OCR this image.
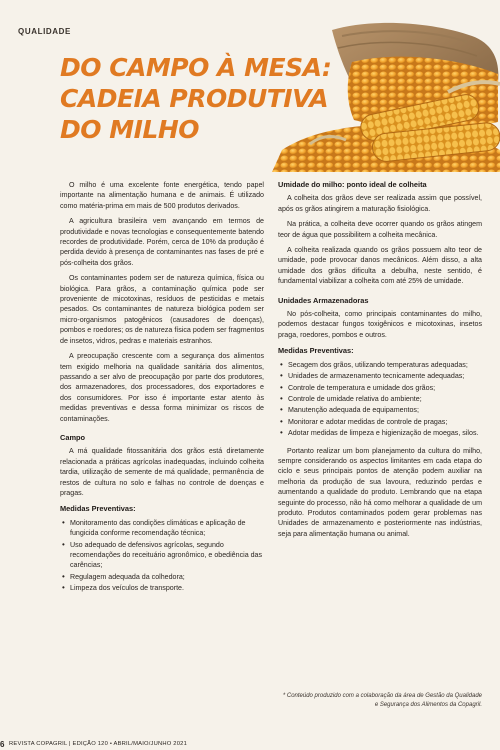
QUALIDADE
DO CAMPO À MESA:
CADEIA PRODUTIVA
DO MILHO

O milho é uma excelente fonte energética, tendo papel importante na alimentação humana e de animais. É utilizado como matéria-prima em mais de 500 produtos derivados.

A agricultura brasileira vem avançando em termos de produtividade e novas tecnologias e consequentemente batendo recordes de produtividade. Porém, cerca de 10% da produção é perdida devido à presença de contaminantes nas fases de pré e pós-colheita dos grãos.

Os contaminantes podem ser de natureza química, física ou biológica. Para grãos, a contaminação química pode ser proveniente de micotoxinas, resíduos de pesticidas e metais pesados. Os contaminantes de natureza biológica podem ser micro-organismos patogênicos (causadores de doenças), pombos e roedores; os de natureza física podem ser fragmentos de insetos, vidros, pedras e materiais estranhos.

A preocupação crescente com a segurança dos alimentos tem exigido melhoria na qualidade sanitária dos alimentos, passando a ser alvo de preocupação por parte dos produtores, dos armazenadores, dos processadores, dos exportadores e dos consumidores. Por isso é importante estar atento às medidas preventivas e dessa forma minimizar os riscos de contaminações.

Campo

A má qualidade fitossanitária dos grãos está diretamente relacionada a práticas agrícolas inadequadas, incluindo colheita tardia, utilização de semente de má qualidade, permanência de restos de cultura no solo e falhas no controle de doenças e pragas.

Medidas Preventivas:
• Monitoramento das condições climáticas e aplicação de fungicida conforme recomendação técnica;
• Uso adequado de defensivos agrícolas, segundo recomendações do receituário agronômico, e obediência das carências;
• Regulagem adequada da colhedora;
• Limpeza dos veículos de transporte.
Umidade do milho: ponto ideal de colheita

A colheita dos grãos deve ser realizada assim que possível, após os grãos atingirem a maturação fisiológica.

Na prática, a colheita deve ocorrer quando os grãos atingem teor de água que possibilitem a colheita mecânica.

A colheita realizada quando os grãos possuem alto teor de umidade, pode provocar danos mecânicos. Além disso, a alta umidade dos grãos dificulta a debulha, neste sentido, é fundamental viabilizar a colheita com até 25% de umidade.

Unidades Armazenadoras

No pós-colheita, como principais contaminantes do milho, podemos destacar fungos toxigênicos e micotoxinas, insetos praga, roedores, pombos e outros.

Medidas Preventivas:
• Secagem dos grãos, utilizando temperaturas adequadas;
• Unidades de armazenamento tecnicamente adequadas;
• Controle de temperatura e umidade dos grãos;
• Controle de umidade relativa do ambiente;
• Manutenção adequada de equipamentos;
• Monitorar e adotar medidas de controle de pragas;
• Adotar medidas de limpeza e higienização de moegas, silos.

Portanto realizar um bom planejamento da cultura do milho, sempre considerando os aspectos limitantes em cada etapa do ciclo e seus principais pontos de atenção podem auxiliar na melhoria da produção de sua lavoura, reduzindo perdas e aumentando a qualidade do produto. Lembrando que na etapa seguinte do processo, não há como melhorar a qualidade de um produto. Produtos contaminados podem gerar problemas nas Unidades de armazenamento e posteriormente nas indústrias, seja para alimentação humana ou animal.

* Conteúdo produzido com a colaboração da área de Gestão da Qualidade e Segurança dos Alimentos da Copagril.
6 REVISTA COPAGRIL | EDIÇÃO 120 • ABRIL/MAIO/JUNHO 2021
